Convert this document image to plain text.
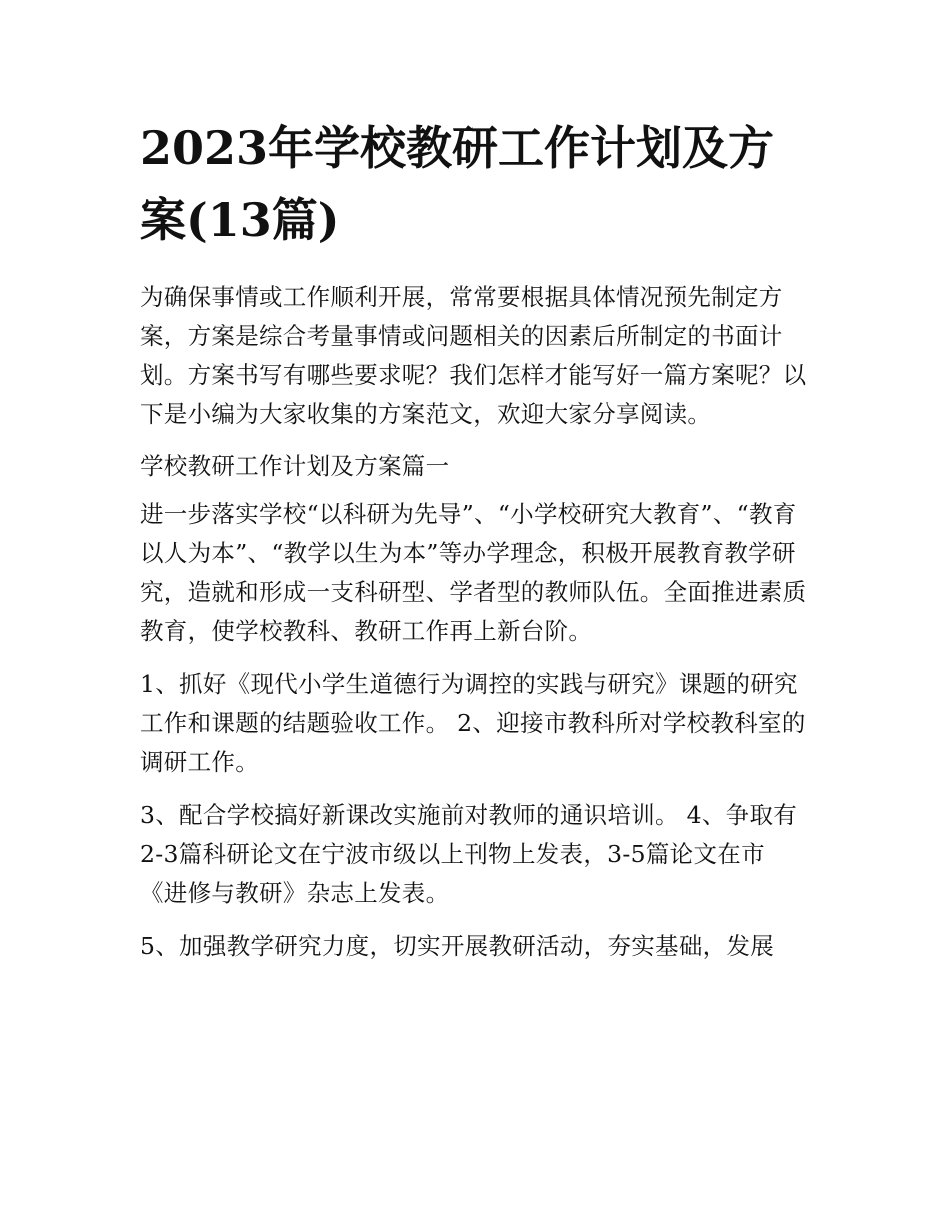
2023年学校教研工作计划及方案(13篇)

为确保事情或工作顺利开展，常常要根据具体情况预先制定方案，方案是综合考量事情或问题相关的因素后所制定的书面计划。方案书写有哪些要求呢？我们怎样才能写好一篇方案呢？以下是小编为大家收集的方案范文，欢迎大家分享阅读。

学校教研工作计划及方案篇一

进一步落实学校“以科研为先导”、“小学校研究大教育”、“教育以人为本”、“教学以生为本”等办学理念，积极开展教育教学研究，造就和形成一支科研型、学者型的教师队伍。全面推进素质教育，使学校教科、教研工作再上新台阶。

1、抓好《现代小学生道德行为调控的实践与研究》课题的研究工作和课题的结题验收工作。 2、迎接市教科所对学校教科室的调研工作。

3、配合学校搞好新课改实施前对教师的通识培训。 4、争取有2-3篇科研论文在宁波市级以上刊物上发表，3-5篇论文在市《进修与教研》杂志上发表。

5、加强教学研究力度，切实开展教研活动，夯实基础，发展
